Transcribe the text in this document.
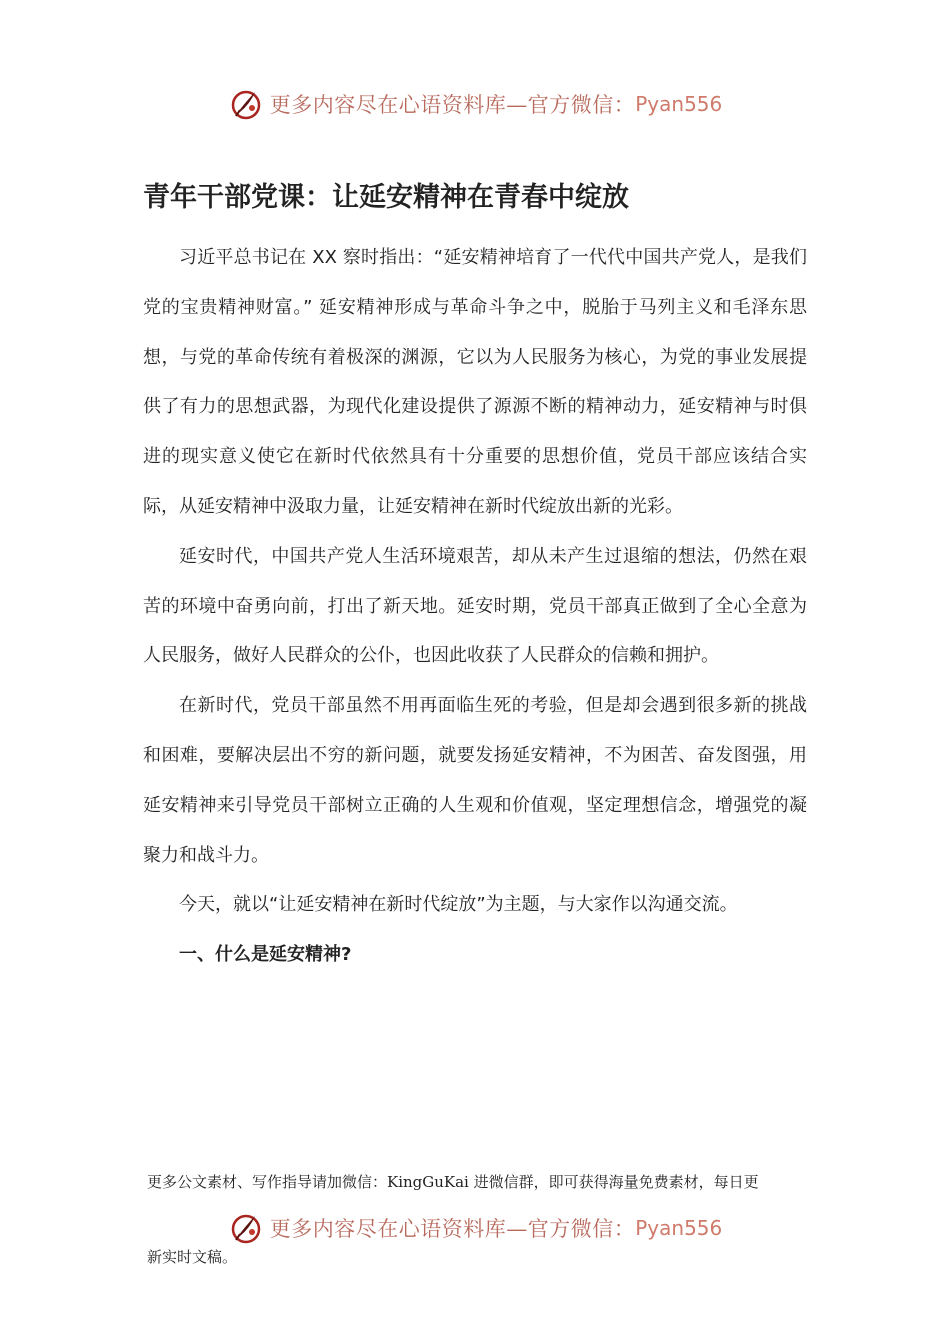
更多内容尽在心语资料库—官方微信： Pyan556
青年干部党课：让延安精神在青春中绽放

习近平总书记在 XX 察时指出：“延安精神培育了一代代中国共产党人，是我们党的宝贵精神财富。” 延安精神形成与革命斗争之中，脱胎于马列主义和毛泽东思想，与党的革命传统有着极深的渊源，它以为人民服务为核心，为党的事业发展提供了有力的思想武器，为现代化建设提供了源源不断的精神动力，延安精神与时俱进的现实意义使它在新时代依然具有十分重要的思想价值，党员干部应该结合实际，从延安精神中汲取力量，让延安精神在新时代绽放出新的光彩。

延安时代，中国共产党人生活环境艰苦，却从未产生过退缩的想法，仍然在艰苦的环境中奋勇向前，打出了新天地。延安时期，党员干部真正做到了全心全意为人民服务，做好人民群众的公仆，也因此收获了人民群众的信赖和拥护。

在新时代，党员干部虽然不用再面临生死的考验，但是却会遇到很多新的挑战和困难，要解决层出不穷的新问题，就要发扬延安精神，不为困苦、奋发图强，用延安精神来引导党员干部树立正确的人生观和价值观，坚定理想信念，增强党的凝聚力和战斗力。

今天，就以“让延安精神在新时代绽放”为主题，与大家作以沟通交流。

一、什么是延安精神?

更多公文素材、写作指导请加微信：KingGuKai 进微信群，即可获得海量免费素材，每日更
更多内容尽在心语资料库—官方微信： Pyan556
新实时文稿。
